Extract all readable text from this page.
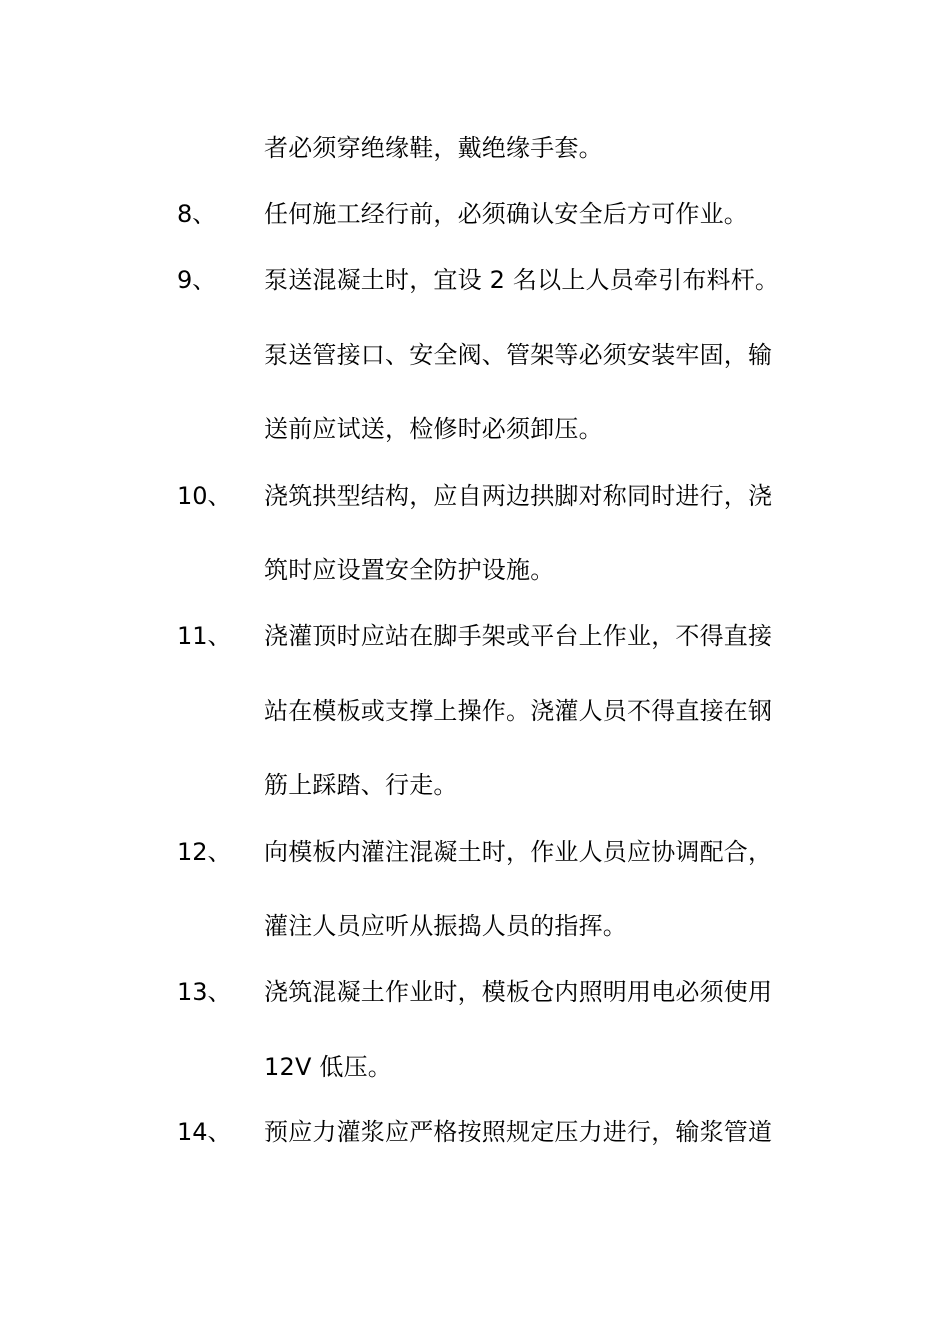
者必须穿绝缘鞋，戴绝缘手套。
8、 任何施工经行前，必须确认安全后方可作业。
9、 泵送混凝土时，宜设 2 名以上人员牵引布料杆。
泵送管接口、安全阀、管架等必须安装牢固，输
送前应试送，检修时必须卸压。
10、 浇筑拱型结构，应自两边拱脚对称同时进行，浇
筑时应设置安全防护设施。
11、 浇灌顶时应站在脚手架或平台上作业，不得直接
站在模板或支撑上操作。浇灌人员不得直接在钢
筋上踩踏、行走。
12、 向模板内灌注混凝土时，作业人员应协调配合，
灌注人员应听从振捣人员的指挥。
13、 浇筑混凝土作业时，模板仓内照明用电必须使用
12V 低压。
14、 预应力灌浆应严格按照规定压力进行，输浆管道
